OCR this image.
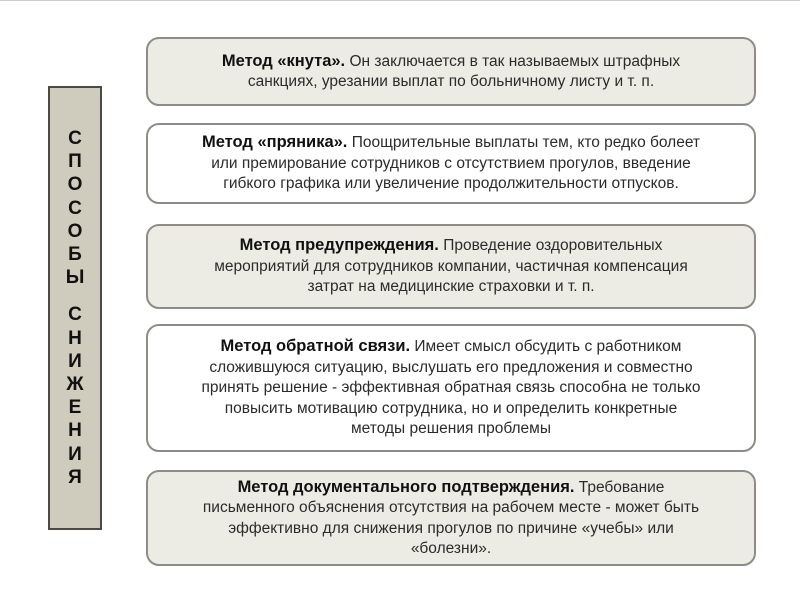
С
П
О
С
О
Б
Ы
С
Н
И
Ж
Е
Н
И
Я

Метод «кнута». Он заключается в так называемых штрафных
санкциях, урезании выплат по больничному листу и т. п.

Метод «пряника». Поощрительные выплаты тем, кто редко болеет
или премирование сотрудников с отсутствием прогулов, введение
гибкого графика или увеличение продолжительности отпусков.

Метод предупреждения. Проведение оздоровительных
мероприятий для сотрудников компании, частичная компенсация
затрат на медицинские страховки и т. п.

Метод обратной связи. Имеет смысл обсудить с работником
сложившуюся ситуацию, выслушать его предложения и совместно
принять решение - эффективная обратная связь способна не только
повысить мотивацию сотрудника, но и определить конкретные
методы решения проблемы

Метод документального подтверждения. Требование
письменного объяснения отсутствия на рабочем месте - может быть
эффективно для снижения прогулов по причине «учебы» или
«болезни».
